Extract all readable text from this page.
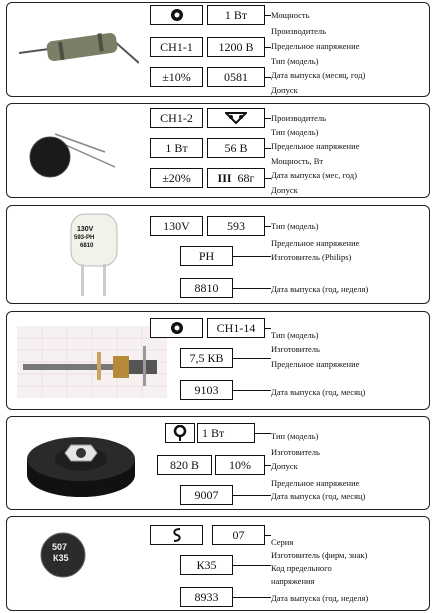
1 Вт
СН1-1	1200 В
±10%	0581
Мощность
Производитель
Предельное напряжение
Тип (модель)
Дата выпуска (месяц, год)
Допуск
СН1-2
1 Вт	56 В
±20%	III 68г
Производитель
Тип (модель)
Предельное напряжение
Мощность, Вт
Дата выпуска (мес, год)
Допуск
130V
593-PH
6810
130V	593
PH
8810
Тип (модель)
Предельное напряжение
Изготовитель (Philips)
Дата выпуска (год, неделя)
СН1-14
7,5 КВ
9103
Тип (модель)
Изготовитель
Предельное напряжение
Дата выпуска (год, месяц)
1 Вт
820 В	10%
9007
Тип (модель)
Изготовитель
Допуск
Предельное напряжение
Дата выпуска (год, месяц)
507
К35
07
К35
8933
Серия
Изготовитель (фирм, знак)
Код предельного
напряжения
Дата выпуска (год, неделя)
